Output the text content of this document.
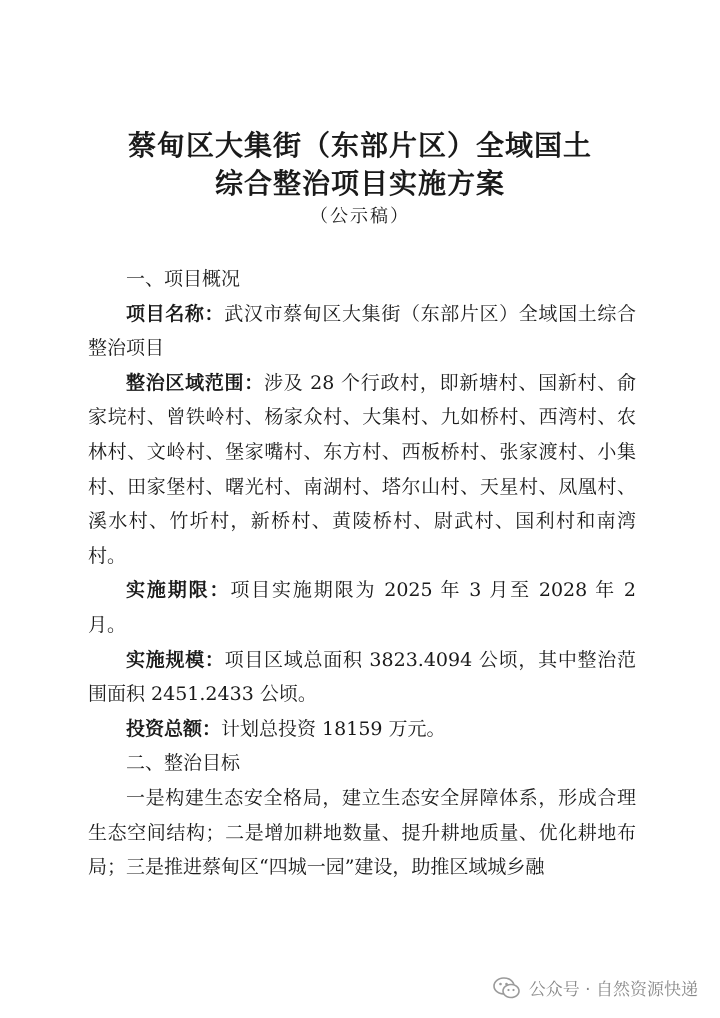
蔡甸区大集街（东部片区）全域国土
综合整治项目实施方案
（公示稿）

一、项目概况

项目名称：武汉市蔡甸区大集街（东部片区）全域国土综合整治项目

整治区域范围：涉及 28 个行政村，即新塘村、国新村、俞家垸村、曾铁岭村、杨家众村、大集村、九如桥村、西湾村、农林村、文岭村、堡家嘴村、东方村、西板桥村、张家渡村、小集村、田家堡村、曙光村、南湖村、塔尔山村、天星村、凤凰村、溪水村、竹圻村，新桥村、黄陵桥村、尉武村、国利村和南湾村。

实施期限：项目实施期限为 2025 年 3 月至 2028 年 2 月。

实施规模：项目区域总面积 3823.4094 公顷，其中整治范围面积 2451.2433 公顷。

投资总额：计划总投资 18159 万元。

二、整治目标

一是构建生态安全格局，建立生态安全屏障体系，形成合理生态空间结构；二是增加耕地数量、提升耕地质量、优化耕地布局；三是推进蔡甸区“四城一园”建设，助推区域城乡融

公众号 · 自然资源快递
